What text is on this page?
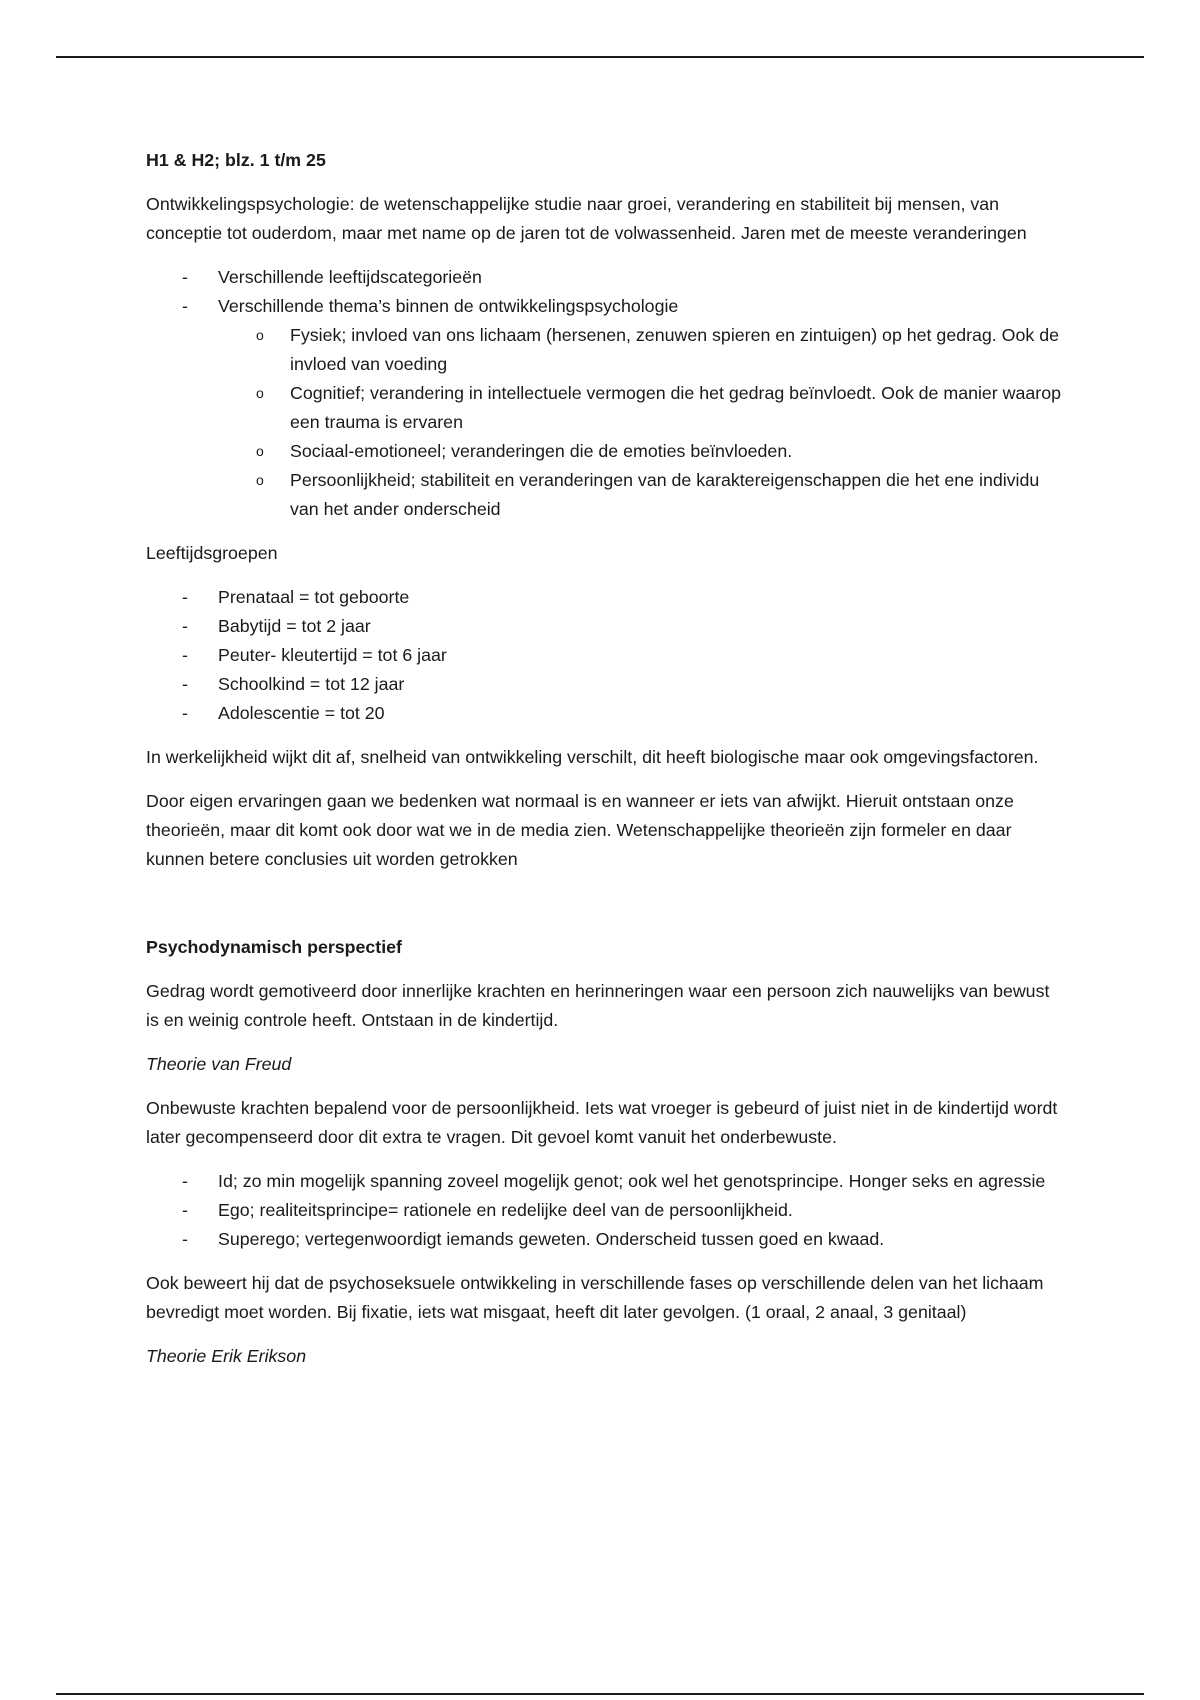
H1 & H2; blz. 1 t/m 25

Ontwikkelingspsychologie: de wetenschappelijke studie naar groei, verandering en stabiliteit bij mensen, van conceptie tot ouderdom, maar met name op de jaren tot de volwassenheid. Jaren met de meeste veranderingen

- Verschillende leeftijdscategorieën
- Verschillende thema’s binnen de ontwikkelingspsychologie
o Fysiek; invloed van ons lichaam (hersenen, zenuwen spieren en zintuigen) op het gedrag. Ook de invloed van voeding
o Cognitief; verandering in intellectuele vermogen die het gedrag beïnvloedt. Ook de manier waarop een trauma is ervaren
o Sociaal-emotioneel; veranderingen die de emoties beïnvloeden.
o Persoonlijkheid; stabiliteit en veranderingen van de karaktereigenschappen die het ene individu van het ander onderscheid

Leeftijdsgroepen

- Prenataal = tot geboorte
- Babytijd = tot 2 jaar
- Peuter- kleutertijd = tot 6 jaar
- Schoolkind = tot 12 jaar
- Adolescentie = tot 20

In werkelijkheid wijkt dit af, snelheid van ontwikkeling verschilt, dit heeft biologische maar ook omgevingsfactoren.

Door eigen ervaringen gaan we bedenken wat normaal is en wanneer er iets van afwijkt. Hieruit ontstaan onze theorieën, maar dit komt ook door wat we in de media zien. Wetenschappelijke theorieën zijn formeler en daar kunnen betere conclusies uit worden getrokken

Psychodynamisch perspectief

Gedrag wordt gemotiveerd door innerlijke krachten en herinneringen waar een persoon zich nauwelijks van bewust is en weinig controle heeft. Ontstaan in de kindertijd.

Theorie van Freud

Onbewuste krachten bepalend voor de persoonlijkheid. Iets wat vroeger is gebeurd of juist niet in de kindertijd wordt later gecompenseerd door dit extra te vragen. Dit gevoel komt vanuit het onderbewuste.

- Id; zo min mogelijk spanning zoveel mogelijk genot; ook wel het genotsprincipe. Honger seks en agressie
- Ego; realiteitsprincipe= rationele en redelijke deel van de persoonlijkheid.
- Superego; vertegenwoordigt iemands geweten. Onderscheid tussen goed en kwaad.

Ook beweert hij dat de psychoseksuele ontwikkeling in verschillende fases op verschillende delen van het lichaam bevredigt moet worden. Bij fixatie, iets wat misgaat, heeft dit later gevolgen. (1 oraal, 2 anaal, 3 genitaal)

Theorie Erik Erikson
